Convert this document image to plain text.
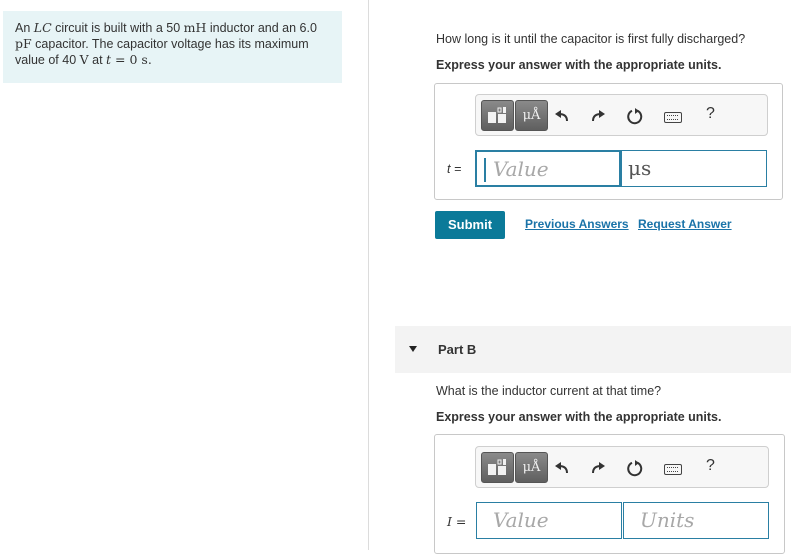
An LC circuit is built with a 50 mH inductor and an 6.0
pF capacitor. The capacitor voltage has its maximum
value of 40 V at t = 0 s.
How long is it until the capacitor is first fully discharged?
Express your answer with the appropriate units.
μÅ	?
t =	Value	μs
Submit	Previous Answers Request Answer
Part B
What is the inductor current at that time?
Express your answer with the appropriate units.
μÅ	?
I =	Value	Units
